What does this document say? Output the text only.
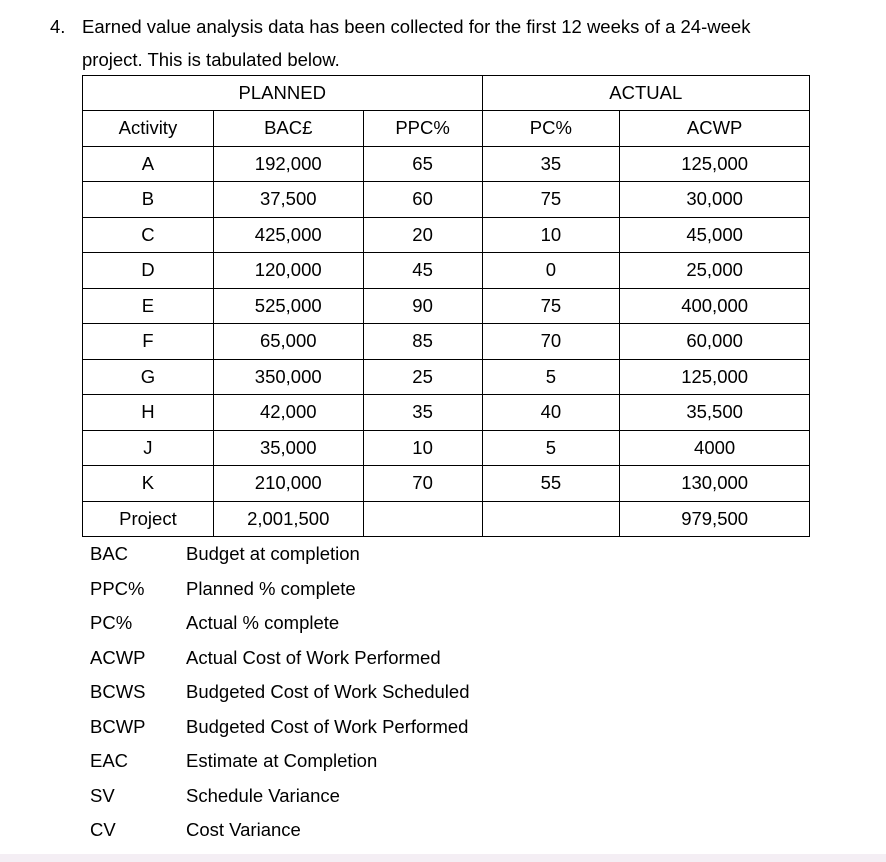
4. Earned value analysis data has been collected for the first 12 weeks of a 24-week
project. This is tabulated below.
PLANNED			ACTUAL	
Activity	BAC£	PPC%	PC%	ACWP
A	192,000	65	35	125,000
B	37,500	60	75	30,000
C	425,000	20	10	45,000
D	120,000	45	0	25,000
E	525,000	90	75	400,000
F	65,000	85	70	60,000
G	350,000	25	5	125,000
H	42,000	35	40	35,500
J	35,000	10	5	4000
K	210,000	70	55	130,000
Project	2,001,500			979,500
BAC	Budget at completion
PPC%	Planned % complete
PC%	Actual % complete
ACWP	Actual Cost of Work Performed
BCWS	Budgeted Cost of Work Scheduled
BCWP	Budgeted Cost of Work Performed
EAC	Estimate at Completion
SV	Schedule Variance
CV	Cost Variance
